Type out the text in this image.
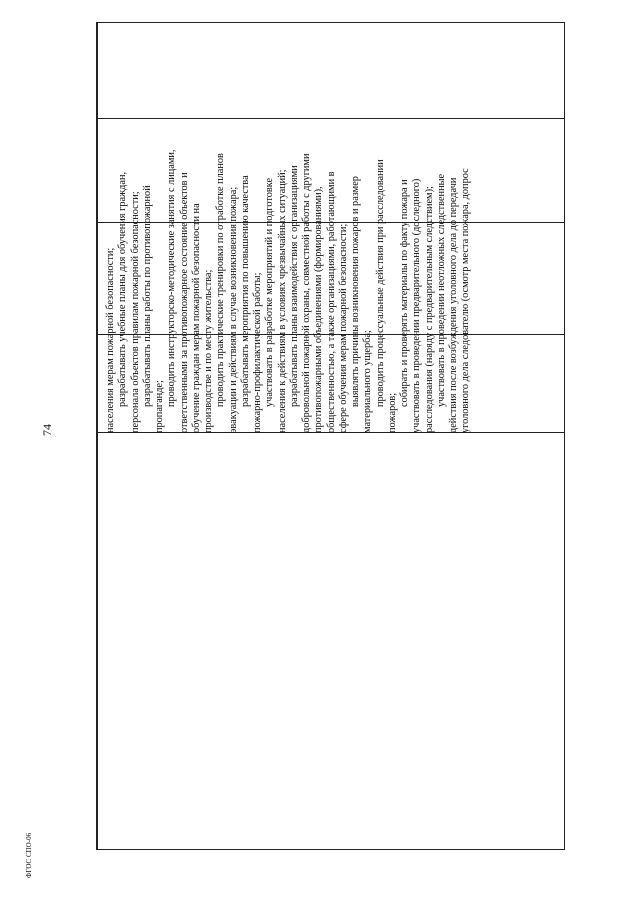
74
ФГОС СПО-06
населения мерам пожарной безопасности; разрабатывать учебные планы для обучения граждан, персонала объектов правилам пожарной безопасности; разрабатывать планы работы по противопожарной пропаганде; проводить инструкторско-методические занятия с лицами, ответственными за противопожарное состояние объектов и обучение граждан мерам пожарной безопасности на производстве и по месту жительства; проводить практические тренировки по отработке планов эвакуации и действиям в случае возникновения пожара; разрабатывать мероприятия по повышению качества пожарно-профилактической работы; участвовать в разработке мероприятий и подготовке населения к действиям в условиях чрезвычайных ситуаций; разрабатывать планы взаимодействия с организациями добровольной пожарной охраны, совместной работы с другими противопожарными объединениями (формированиями), общественностью, а также организациями, работающими в сфере обучения мерам пожарной безопасности; выявлять причины возникновения пожаров и размер материального ущерба; проводить процессуальные действия при расследовании
пожаров;
собирать и проверять материалы по факту пожара и участвовать в проведении предварительного (доследного) расследования (наряду с предварительным следствием); участвовать в проведении неотложных следственные действия после возбуждения уголовного дела до передачи уголовного дела следователю (осмотр места пожара, допрос
